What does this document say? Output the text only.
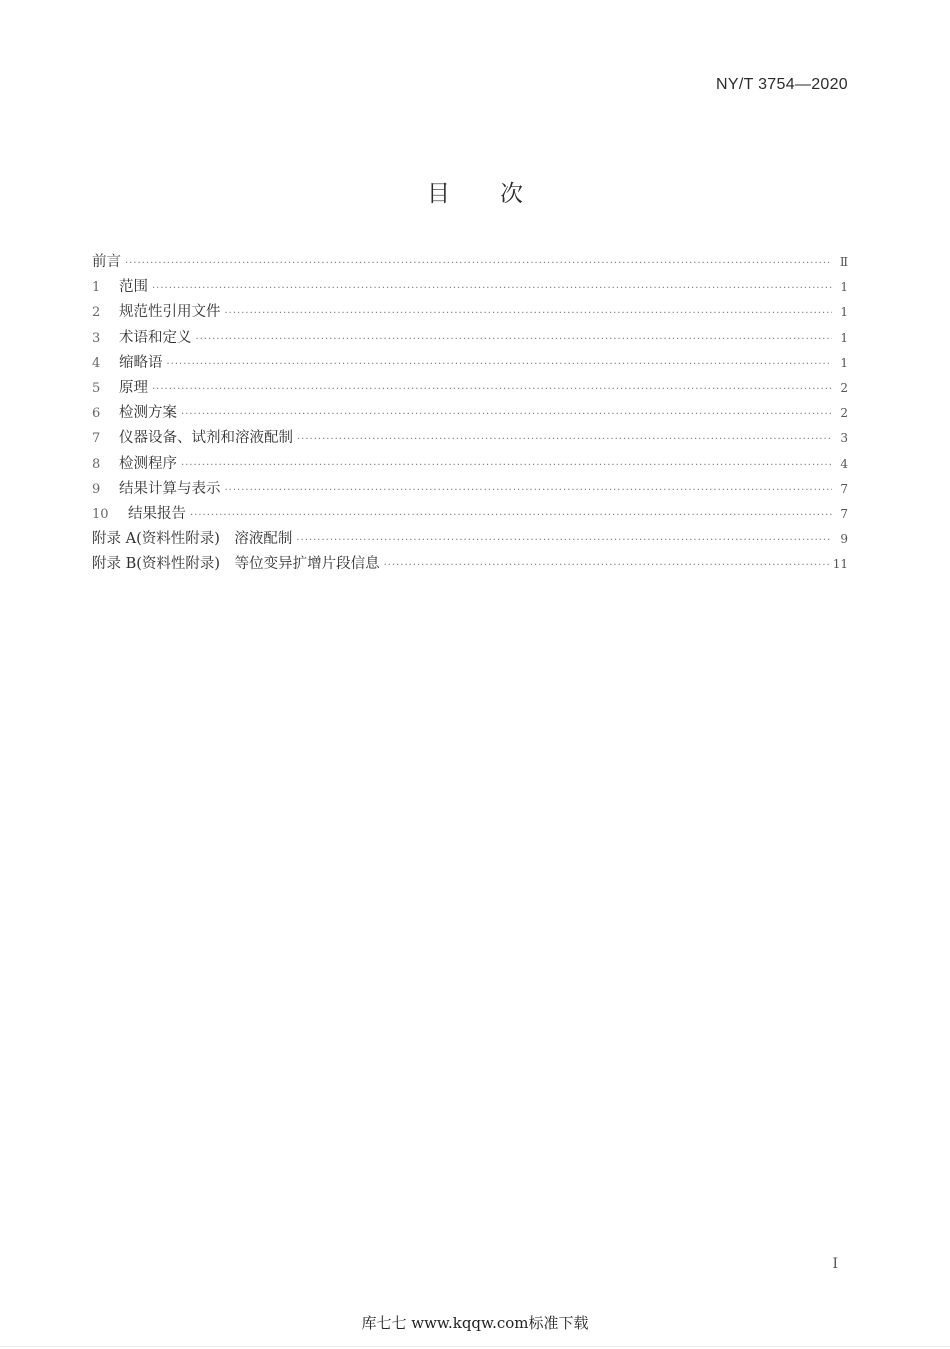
NY/T 3754—2020
目次
前言 ·····	Ⅱ
1	范围 ·····	1
2	规范性引用文件 ·····	1
3	术语和定义 ·····	1
4	缩略语 ·····	1
5	原理 ·····	2
6	检测方案 ·····	2
7	仪器设备、试剂和溶液配制 ·····	3
8	检测程序 ·····	4
9	结果计算与表示 ·····	7
10	结果报告 ·····	7
附录 A(资料性附录)　溶液配制 ·····	9
附录 B(资料性附录)　等位变异扩增片段信息 ·····	11
I
库七七 www.kqqw.com标准下载
